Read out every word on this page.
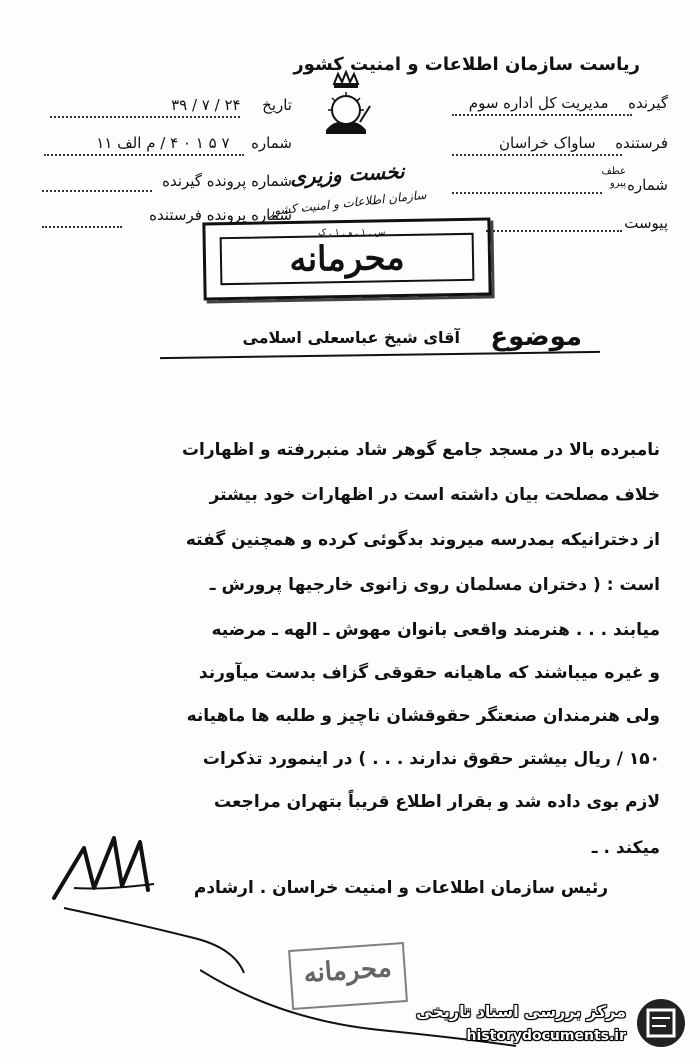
ریاست سازمان اطلاعات و امنیت کشور
گیرنده  مدیریت کل اداره سوم
فرستنده  ساواک خراسان
شماره
عطف
پیرو
پیوست
تاریخ  ۲۴ / ۷ / ۳۹
شماره  ۷ ۵ ۱ ۰ ۴ / م الف ۱۱
شماره پرونده گیرنده
شماره پرونده فرستنده
نخست وزیری
سازمان اطلاعات و امنیت کشور
س . ۱ . و . ۱ . ک
محرمانه
موضوع
آقای شیخ عباسعلی اسلامی
نامبرده بالا در مسجد جامع گوهر شاد منبررفته و اظهارات
خلاف مصلحت بیان داشته است در اظهارات خود بیشتر
از دخترانیکه بمدرسه میروند بدگوئی کرده و همچنین گفته
است : ( دختران مسلمان روی زانوی خارجیها پرورش ـ
میابند . . . هنرمند واقعی بانوان مهوش ـ الهه ـ مرضیه
و غیره میباشند که ماهیانه حقوقی گزاف بدست میآورند
ولی هنرمندان صنعتگر حقوقشان ناچیز و طلبه ها ماهیانه
۱۵۰ / ریال بیشتر حقوق ندارند . . . ) در اینمورد تذکرات
لازم بوی داده شد و بقرار اطلاع قریباً بتهران مراجعت
میکند . ـ
رئیس سازمان اطلاعات و امنیت خراسان . ارشادم
محرمانه
مرکز بررسی اسناد تاریخی
historydocuments.ir
